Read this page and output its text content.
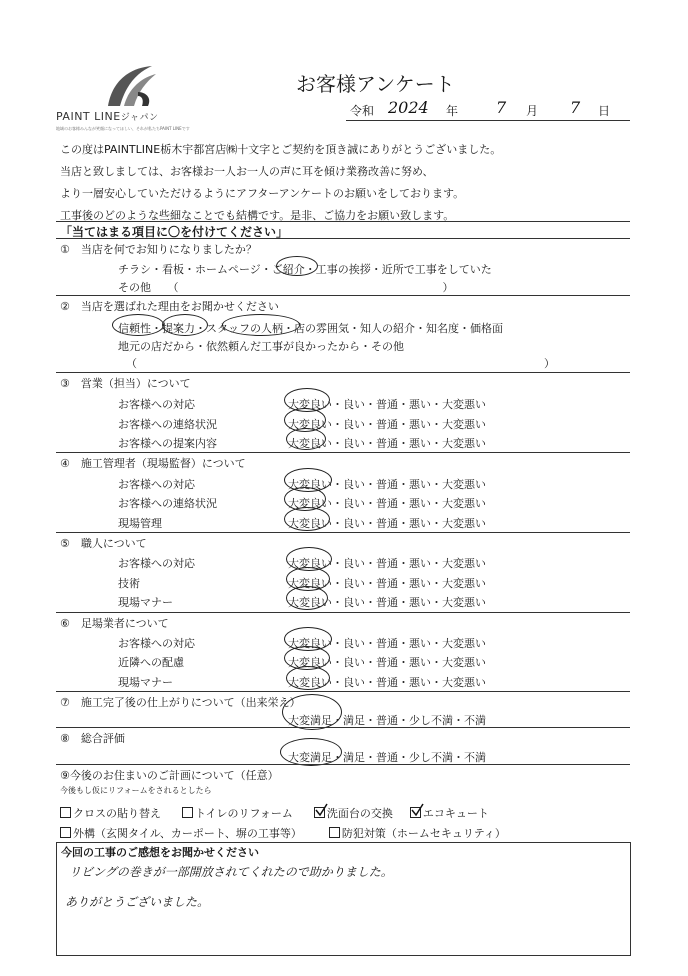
PAINT LINEジャパン
地域のお客様みんなが笑顔になってほしい、それが私たちPAINT LINEです
お客様アンケート
令和 2024 年 7 月 7 日
この度はPAINTLINE栃木宇都宮店㈱十文字とご契約を頂き誠にありがとうございました。
当店と致しましては、お客様お一人お一人の声に耳を傾け業務改善に努め、
より一層安心していただけるようにアフターアンケートのお願いをしております。
工事後のどのような些細なことでも結構です。是非、ご協力をお願い致します。
「当てはまる項目に〇を付けてください」
①　当店を何でお知りになりましたか？
チラシ・看板・ホームページ・ご紹介・工事の挨拶・近所で工事をしていた
その他　　（　　　　　　　　　　　　　　　　　　　　　　　　）
②　当店を選ばれた理由をお聞かせください
信頼性・提案力・スタッフの人柄・店の雰囲気・知人の紹介・知名度・価格面
地元の店だから・依然頼んだ工事が良かったから・その他
（　　　　　　　　　　　　　　　　　　　　　　　　　　　　　　　　　　　　　）
③　営業（担当）について
お客様への対応	大変良い・良い・普通・悪い・大変悪い
お客様への連絡状況	大変良い・良い・普通・悪い・大変悪い
お客様への提案内容	大変良い・良い・普通・悪い・大変悪い
④　施工管理者（現場監督）について
お客様への対応	大変良い・良い・普通・悪い・大変悪い
お客様への連絡状況	大変良い・良い・普通・悪い・大変悪い
現場管理	大変良い・良い・普通・悪い・大変悪い
⑤　職人について
お客様への対応	大変良い・良い・普通・悪い・大変悪い
技術	大変良い・良い・普通・悪い・大変悪い
現場マナー	大変良い・良い・普通・悪い・大変悪い
⑥　足場業者について
お客様への対応	大変良い・良い・普通・悪い・大変悪い
近隣への配慮	大変良い・良い・普通・悪い・大変悪い
現場マナー	大変良い・良い・普通・悪い・大変悪い
⑦　施工完了後の仕上がりについて（出来栄え）
大変満足・満足・普通・少し不満・不満
⑧　総合評価
大変満足・満足・普通・少し不満・不満
⑨今後のお住まいのご計画について（任意）
今後もし仮にリフォームをされるとしたら
クロスの貼り替え	トイレのリフォーム	洗面台の交換	エコキュート
外構（玄関タイル、カーポート、塀の工事等）	防犯対策（ホームセキュリティ）
今回の工事のご感想をお聞かせください
リビングの巻きが一部開放されてくれたので助かりました。
ありがとうございました。
